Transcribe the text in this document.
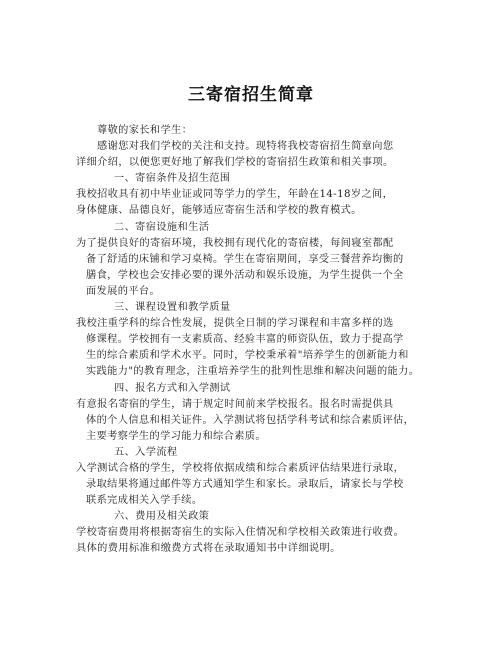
三寄宿招生简章
尊敬的家长和学生：
感谢您对我们学校的关注和支持。现特将我校寄宿招生简章向您
详细介绍，以便您更好地了解我们学校的寄宿招生政策和相关事项。
一、寄宿条件及招生范围
我校招收具有初中毕业证或同等学力的学生，年龄在14-18岁之间，
身体健康、品德良好，能够适应寄宿生活和学校的教育模式。
二、寄宿设施和生活
为了提供良好的寄宿环境，我校拥有现代化的寄宿楼，每间寝室都配
备了舒适的床铺和学习桌椅。学生在寄宿期间，享受三餐营养均衡的
膳食，学校也会安排必要的课外活动和娱乐设施，为学生提供一个全
面发展的平台。
三、课程设置和教学质量
我校注重学科的综合性发展，提供全日制的学习课程和丰富多样的选
修课程。学校拥有一支素质高、经验丰富的师资队伍，致力于提高学
生的综合素质和学术水平。同时，学校秉承着"培养学生的创新能力和
实践能力"的教育理念，注重培养学生的批判性思维和解决问题的能力。
四、报名方式和入学测试
有意报名寄宿的学生，请于规定时间前来学校报名。报名时需提供具
体的个人信息和相关证件。入学测试将包括学科考试和综合素质评估，
主要考察学生的学习能力和综合素质。
五、入学流程
入学测试合格的学生，学校将依据成绩和综合素质评估结果进行录取，
录取结果将通过邮件等方式通知学生和家长。录取后，请家长与学校
联系完成相关入学手续。
六、费用及相关政策
学校寄宿费用将根据寄宿生的实际入住情况和学校相关政策进行收费。
具体的费用标准和缴费方式将在录取通知书中详细说明。
